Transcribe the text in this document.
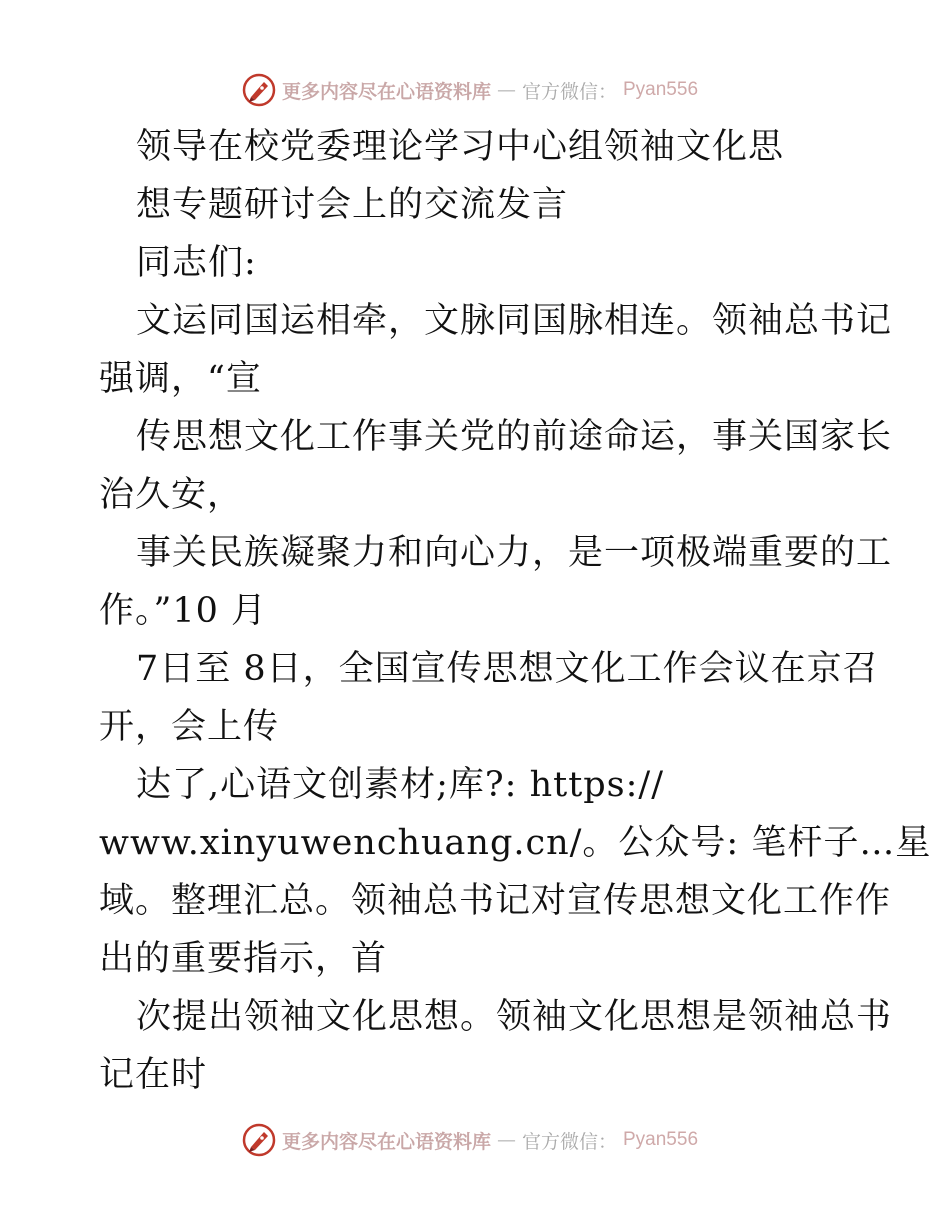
更多内容尽在心语资料库 — 官方微信： Pyan556
领导在校党委理论学习中心组领袖文化思
想专题研讨会上的交流发言
同志们:
文运同国运相牵，文脉同国脉相连。领袖总书记
强调，“宣
传思想文化工作事关党的前途命运，事关国家长
治久安，
事关民族凝聚力和向心力，是一项极端重要的工
作。”10 月
7日至 8日，全国宣传思想文化工作会议在京召
开，会上传
达了,心语文创素材;库?: https://
www.xinyuwenchuang.cn/。公众号: 笔杆子…星
域。整理汇总。领袖总书记对宣传思想文化工作作
出的重要指示，首
次提出领袖文化思想。领袖文化思想是领袖总书
记在时
更多内容尽在心语资料库 — 官方微信： Pyan556
